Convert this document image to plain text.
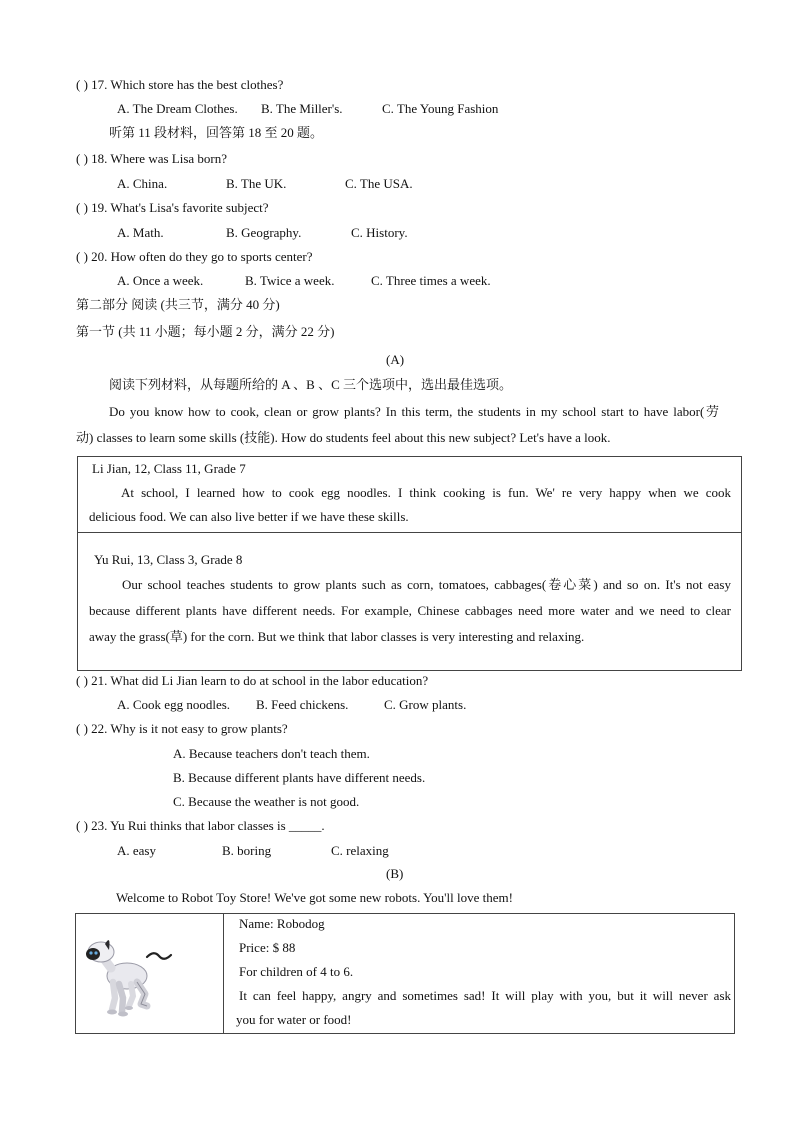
( ) 17. Which store has the best clothes?
A. The Dream Clothes. B. The Miller's.	C. The Young Fashion
听第 11 段材料，回答第 18 至 20 题。
( ) 18. Where was Lisa born?
A. China.	B. The UK.	C. The USA.
( ) 19. What's Lisa's favorite subject?
A. Math.	B. Geography.	C. History.
( ) 20. How often do they go to sports center?
A. Once a week.	B. Twice a week.	C. Three times a week.
第二部分 阅读 (共三节，满分 40 分)
第一节 (共 11 小题；每小题 2 分，满分 22 分)
(A)
阅读下列材料，从每题所给的 A 、B 、C 三个选项中，选出最佳选项。
Do you know how to cook, clean or grow plants? In this term, the students in my school start to have labor(劳
动) classes to learn some skills (技能). How do students feel about this new subject? Let's have a look.
Li Jian, 12, Class 11, Grade 7
At school, I learned how to cook egg noodles. I think cooking is fun. We' re very happy when we cook
delicious food. We can also live better if we have these skills.
Yu Rui, 13, Class 3, Grade 8
Our school teaches students to grow plants such as corn, tomatoes, cabbages(卷心菜) and so on. It's not easy
because different plants have different needs. For example, Chinese cabbages need more water and we need to clear
away the grass(草) for the corn. But we think that labor classes is very interesting and relaxing.
( ) 21. What did Li Jian learn to do at school in the labor education?
A. Cook egg noodles. B. Feed chickens.	C. Grow plants.
( ) 22. Why is it not easy to grow plants?
A. Because teachers don't teach them.
B. Because different plants have different needs.
C. Because the weather is not good.
( ) 23. Yu Rui thinks that labor classes is _____.
A. easy	B. boring	C. relaxing
(B)
Welcome to Robot Toy Store! We've got some new robots. You'll love them!
Name: Robodog
Price: $ 88
For children of 4 to 6.
It can feel happy, angry and sometimes sad! It will play with you, but it will never ask
you for water or food!
